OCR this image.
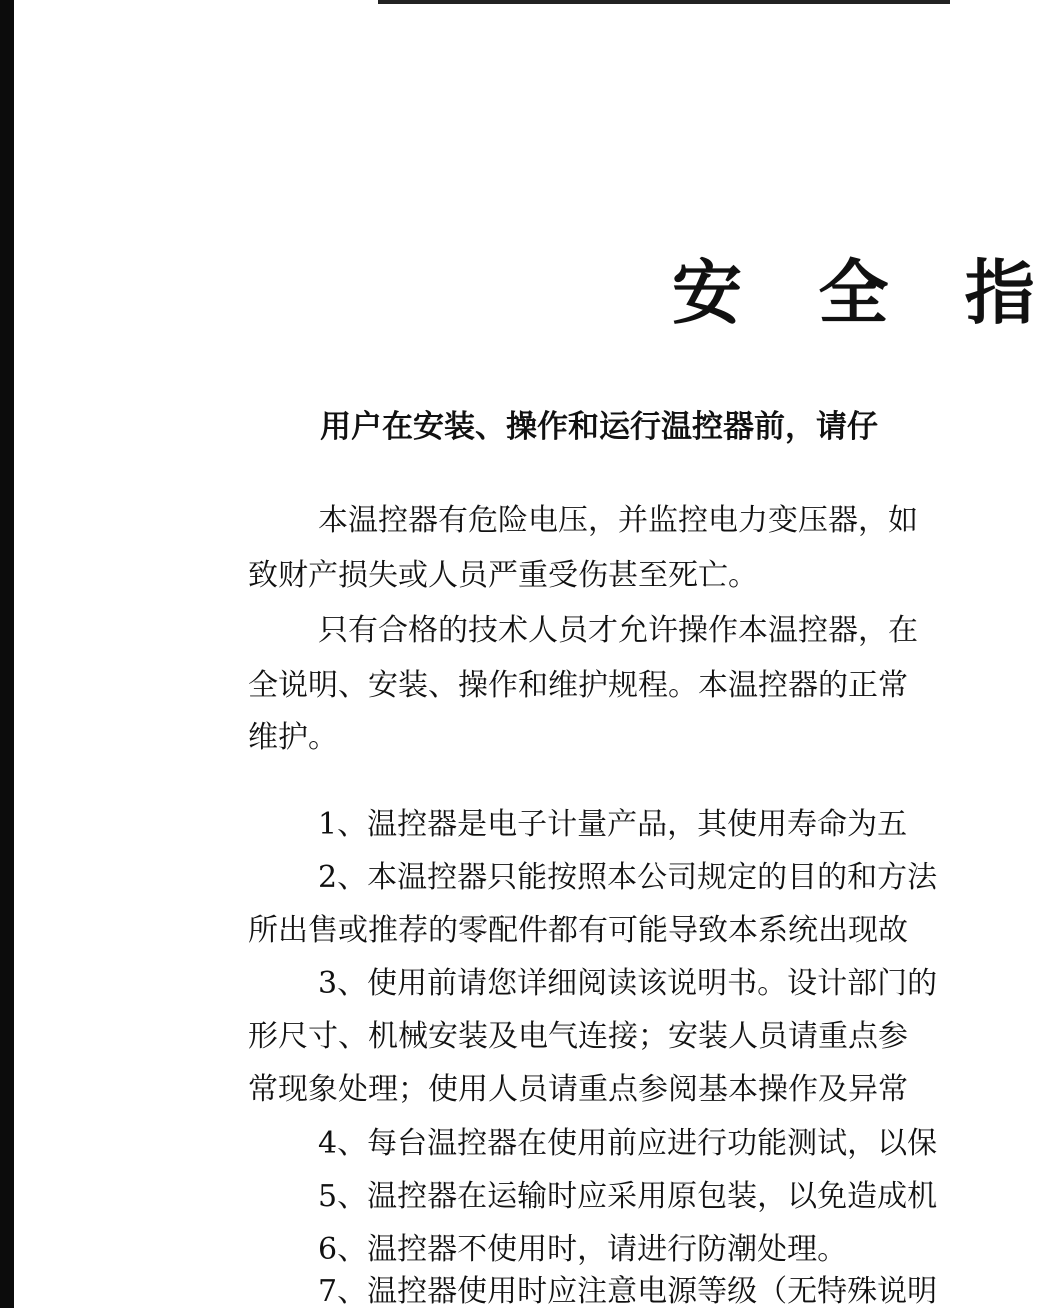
安 全 指
用户在安装、操作和运行温控器前，请仔
本温控器有危险电压，并监控电力变压器，如
致财产损失或人员严重受伤甚至死亡。
只有合格的技术人员才允许操作本温控器，在
全说明、安装、操作和维护规程。本温控器的正常
维护。
1、温控器是电子计量产品，其使用寿命为五
2、本温控器只能按照本公司规定的目的和方法
所出售或推荐的零配件都有可能导致本系统出现故
3、使用前请您详细阅读该说明书。设计部门的
形尺寸、机械安装及电气连接；安装人员请重点参
常现象处理；使用人员请重点参阅基本操作及异常
4、每台温控器在使用前应进行功能测试，以保
5、温控器在运输时应采用原包装，以免造成机
6、温控器不使用时，请进行防潮处理。
7、温控器使用时应注意电源等级（无特殊说明
